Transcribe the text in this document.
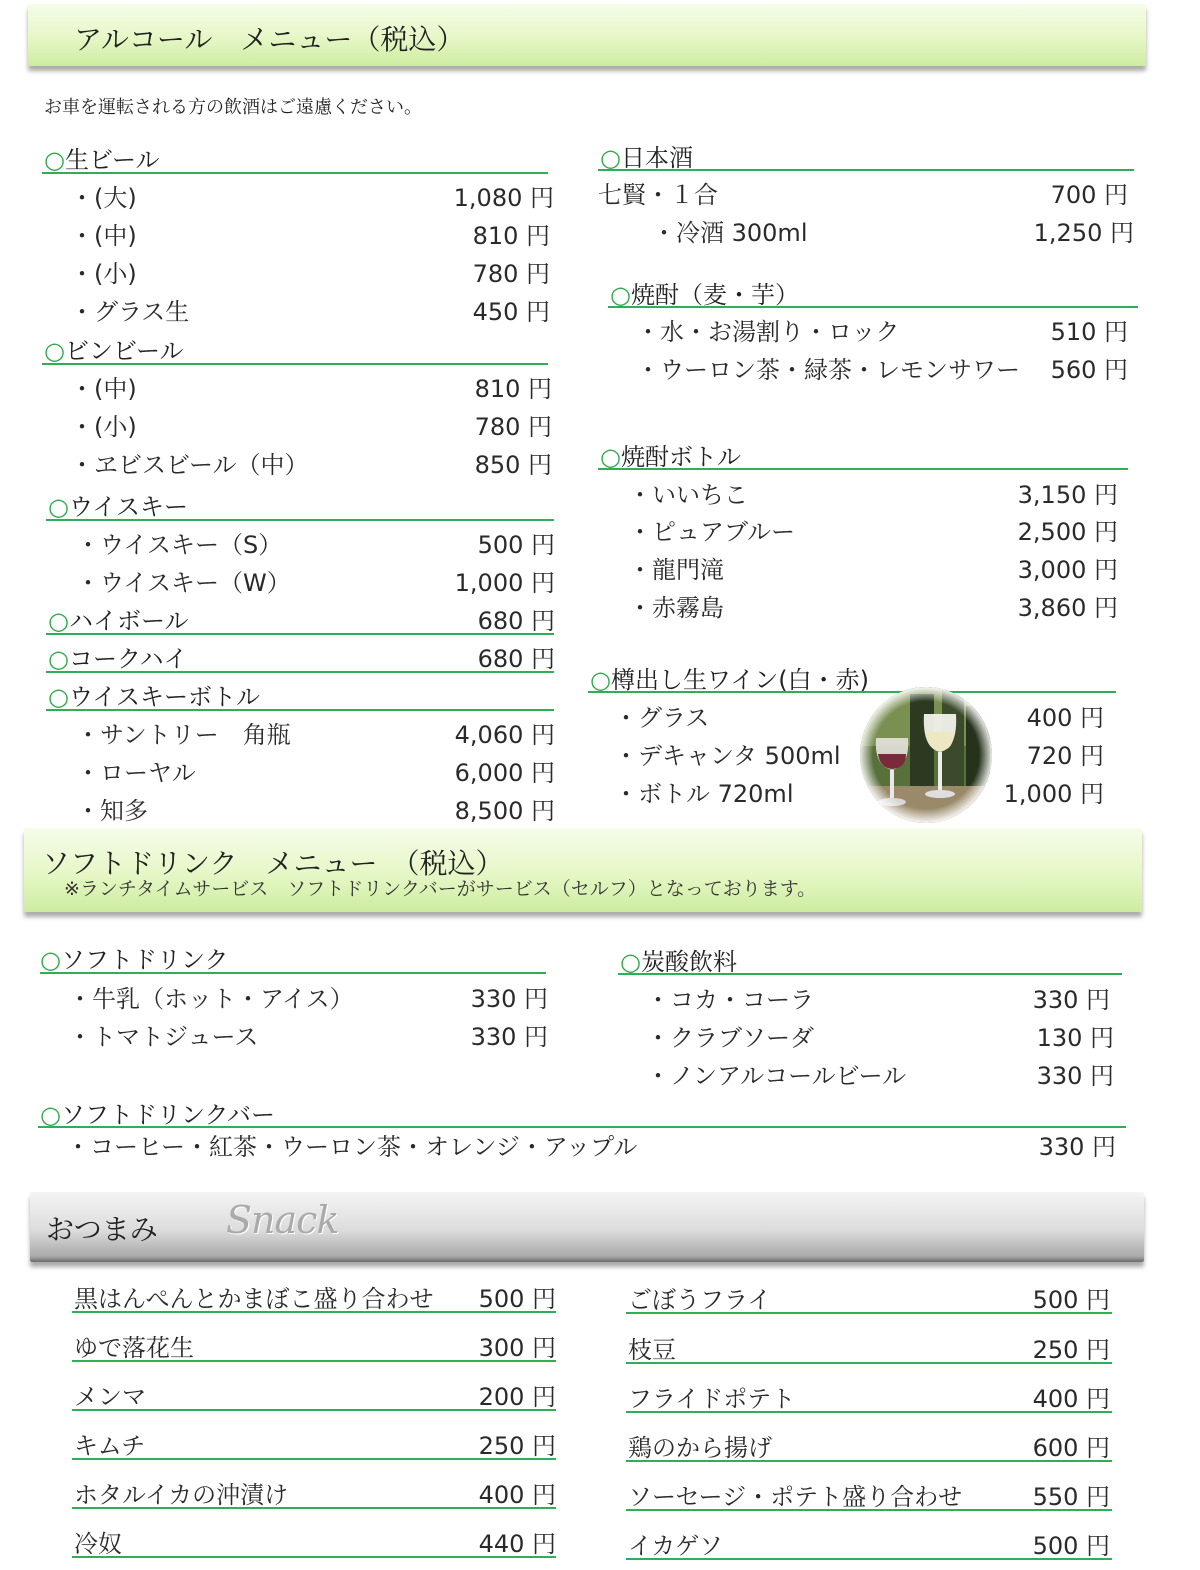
アルコール　メニュー（税込）
お車を運転される方の飲酒はご遠慮ください。
○生ビール
・(大)	1,080 円
・(中)	810 円
・(小)	780 円
・グラス生	450 円
○ビンビール
・(中)	810 円
・(小)	780 円
・ヱビスビール（中）	850 円
○ウイスキー
・ウイスキー（S）	500 円
・ウイスキー（W）	1,000 円
○ハイボール	680 円
○コークハイ	680 円
○ウイスキーボトル
・サントリー　角瓶	4,060 円
・ローヤル	6,000 円
・知多	8,500 円
○日本酒
七賢・１合	700 円
・冷酒 300ml	1,250 円
○焼酎（麦・芋）
・水・お湯割り・ロック	510 円
・ウーロン茶・緑茶・レモンサワー 560 円
○焼酎ボトル
・いいちこ	3,150 円
・ピュアブルー	2,500 円
・龍門滝	3,000 円
・赤霧島	3,860 円
○樽出し生ワイン(白・赤)
・グラス	400 円
・デキャンタ 500ml	720 円
・ボトル 720ml	1,000 円
ソフトドリンク　メニュー　（税込）
※ランチタイムサービス　ソフトドリンクバーがサービス（セルフ）となっております。
○ソフトドリンク
・牛乳（ホット・アイス）	330 円
・トマトジュース	330 円
○炭酸飲料
・コカ・コーラ	330 円
・クラブソーダ	130 円
・ノンアルコールビール	330 円
○ソフトドリンクバー
・コーヒー・紅茶・ウーロン茶・オレンジ・アップル	330 円
おつまみ Snack
黒はんぺんとかまぼこ盛り合わせ 500 円
ゆで落花生	300 円
メンマ	200 円
キムチ	250 円
ホタルイカの沖漬け	400 円
冷奴	440 円
ごぼうフライ	500 円
枝豆	250 円
フライドポテト	400 円
鶏のから揚げ	600 円
ソーセージ・ポテト盛り合わせ	550 円
イカゲソ	500 円
